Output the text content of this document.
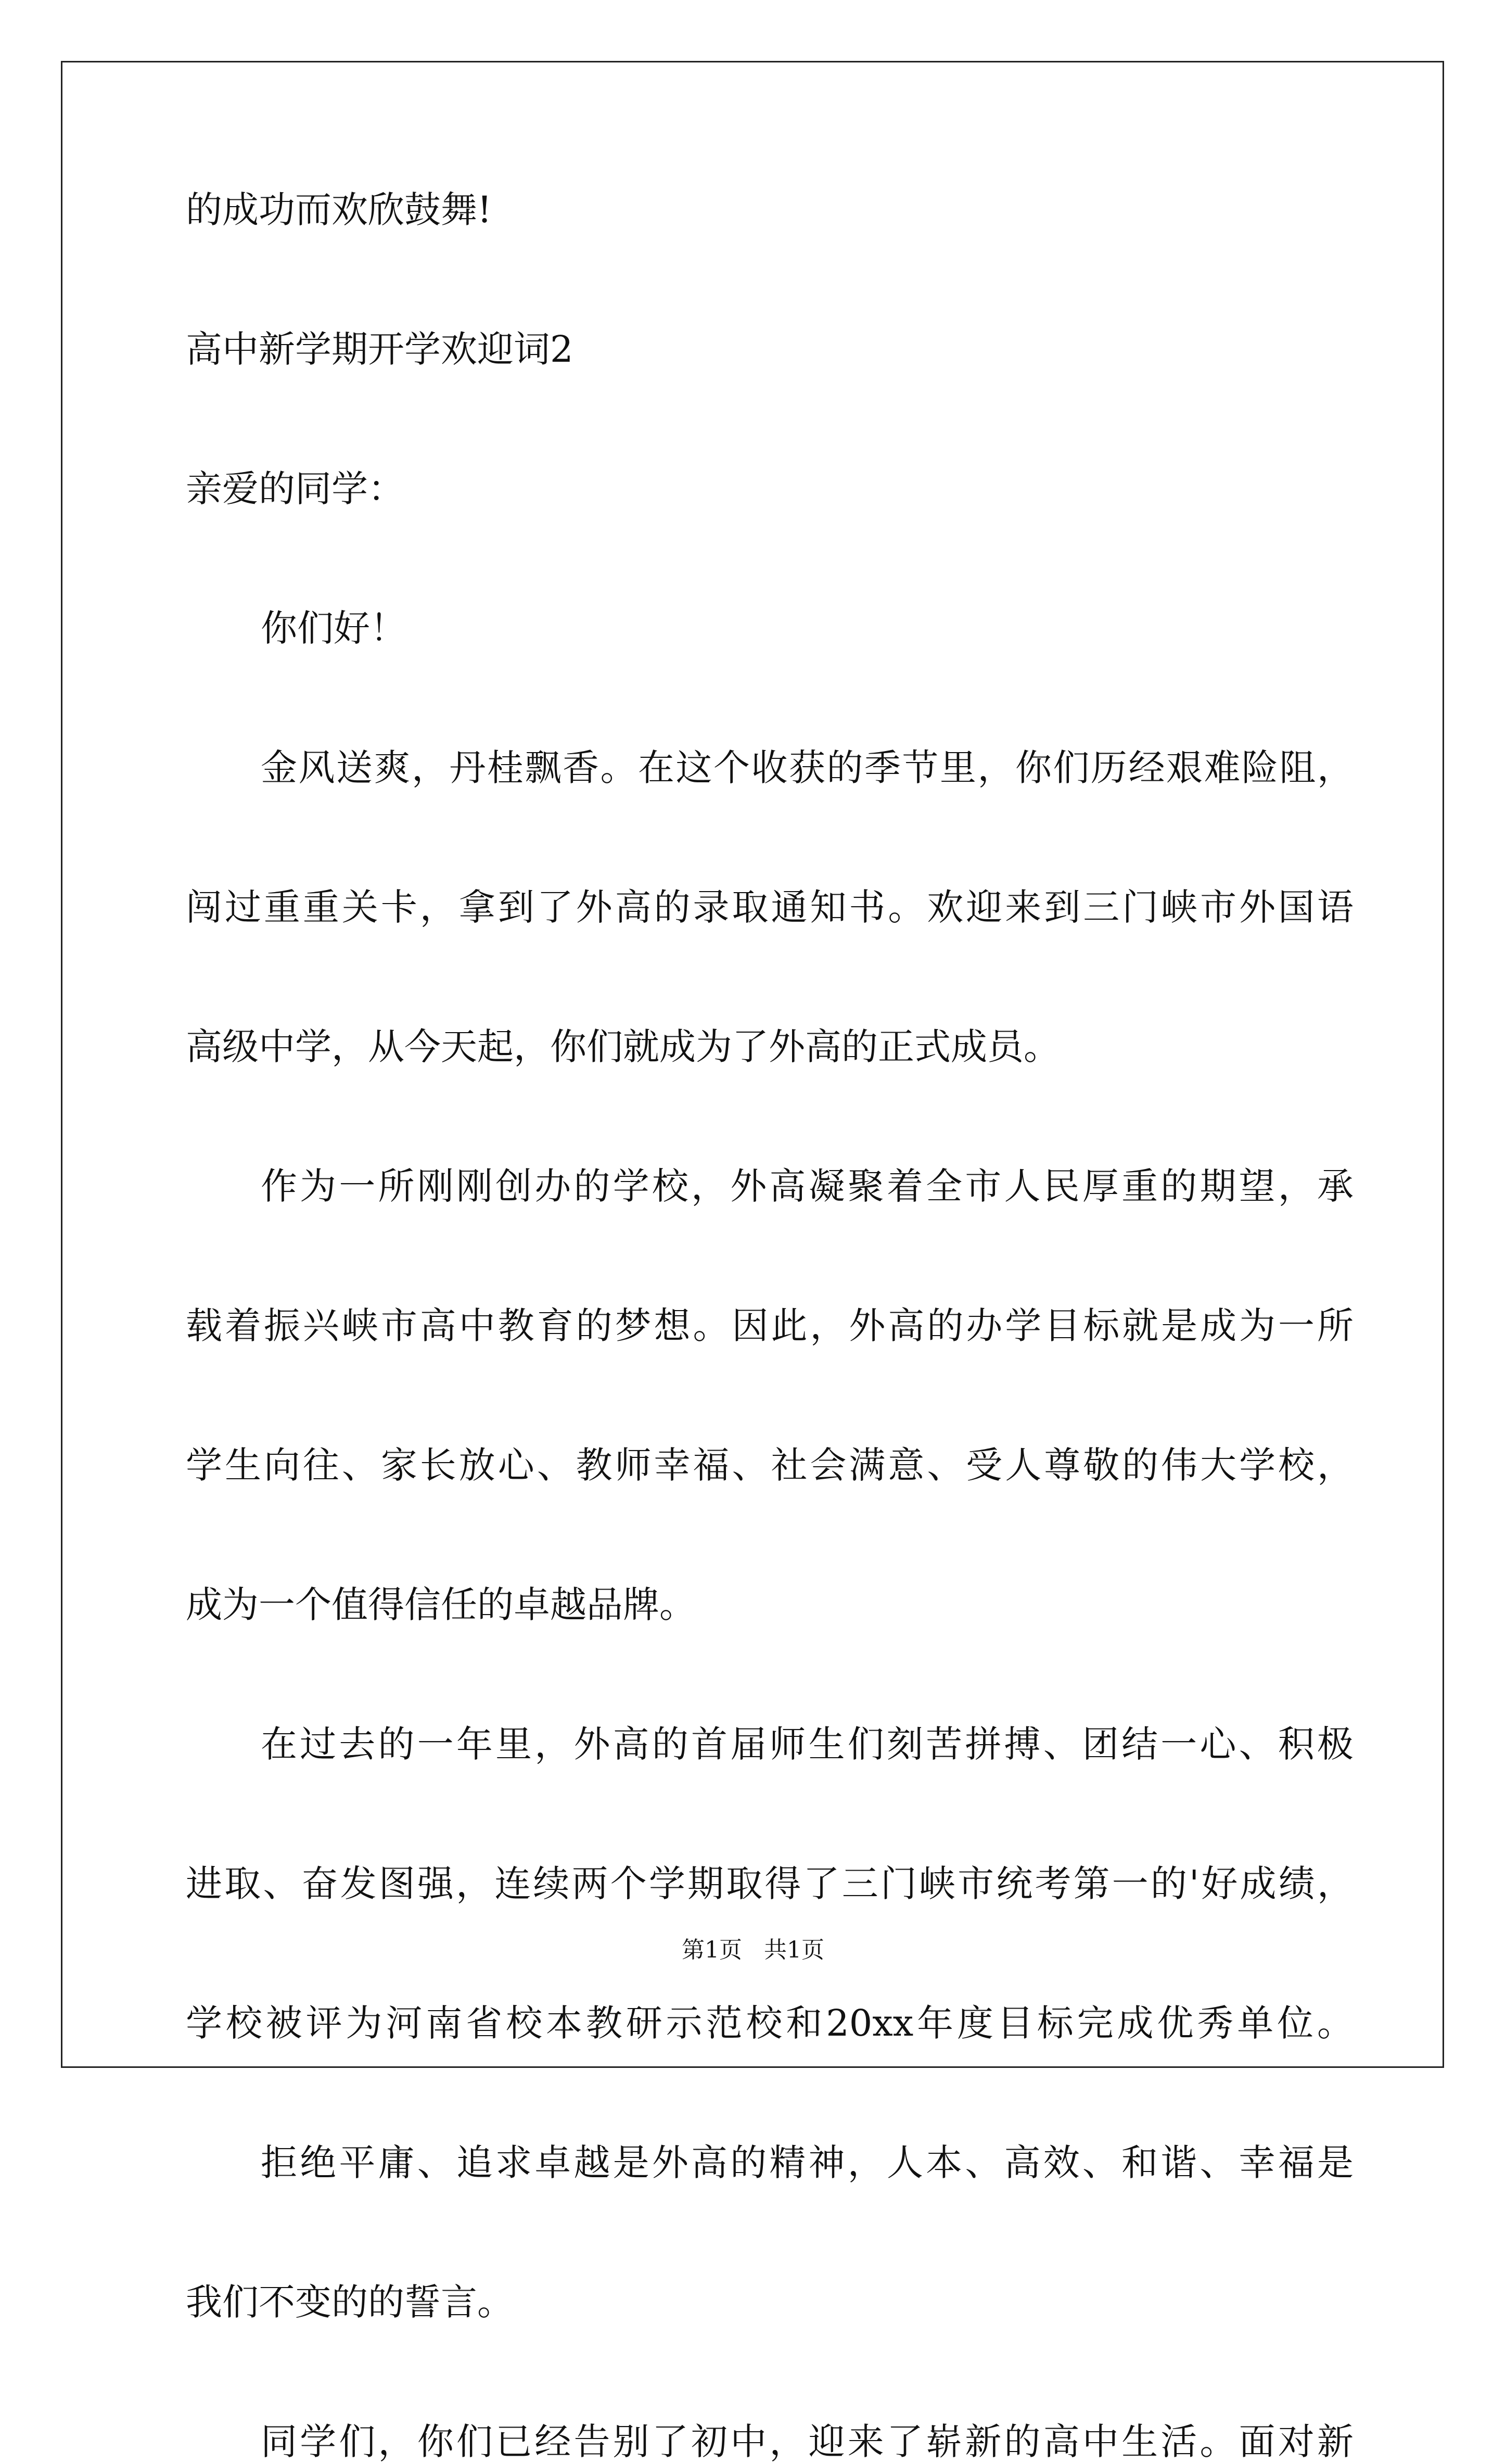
的成功而欢欣鼓舞!

高中新学期开学欢迎词2

亲爱的同学：

你们好！

金风送爽，丹桂飘香。在这个收获的季节里，你们历经艰难险阻，

闯过重重关卡，拿到了外高的录取通知书。欢迎来到三门峡市外国语

高级中学，从今天起，你们就成为了外高的正式成员。

作为一所刚刚创办的学校，外高凝聚着全市人民厚重的期望，承

载着振兴峡市高中教育的梦想。因此，外高的办学目标就是成为一所

学生向往、家长放心、教师幸福、社会满意、受人尊敬的伟大学校，

成为一个值得信任的卓越品牌。

在过去的一年里，外高的首届师生们刻苦拼搏、团结一心、积极

进取、奋发图强，连续两个学期取得了三门峡市统考第一的'好成绩，

学校被评为河南省校本教研示范校和20xx年度目标完成优秀单位。

拒绝平庸、追求卓越是外高的精神，人本、高效、和谐、幸福是

我们不变的的誓言。

同学们，你们已经告别了初中，迎来了崭新的高中生活。面对新

第1页 共1页
